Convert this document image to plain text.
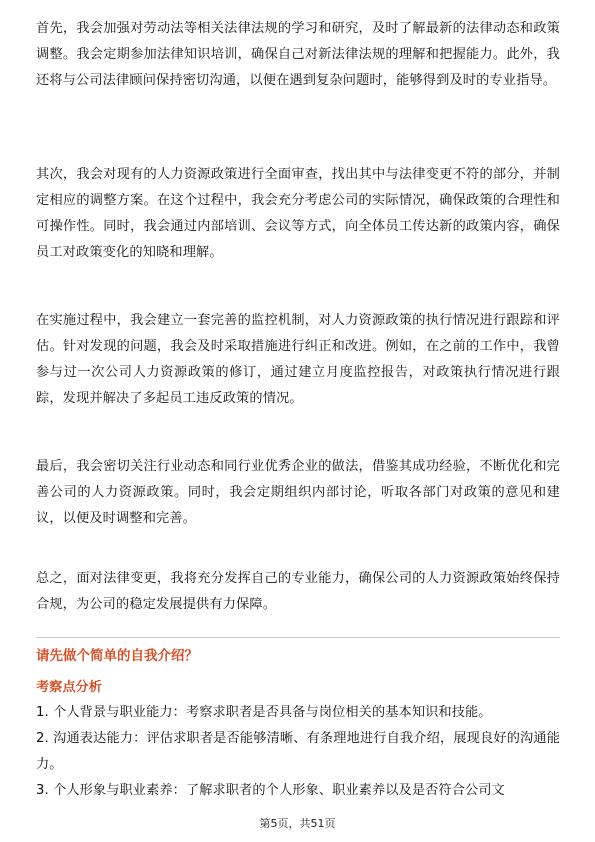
首先，我会加强对劳动法等相关法律法规的学习和研究，及时了解最新的法律动态和政策调整。我会定期参加法律知识培训，确保自己对新法律法规的理解和把握能力。此外，我还将与公司法律顾问保持密切沟通，以便在遇到复杂问题时，能够得到及时的专业指导。

其次，我会对现有的人力资源政策进行全面审查，找出其中与法律变更不符的部分，并制定相应的调整方案。在这个过程中，我会充分考虑公司的实际情况，确保政策的合理性和可操作性。同时，我会通过内部培训、会议等方式，向全体员工传达新的政策内容，确保员工对政策变化的知晓和理解。

在实施过程中，我会建立一套完善的监控机制，对人力资源政策的执行情况进行跟踪和评估。针对发现的问题，我会及时采取措施进行纠正和改进。例如，在之前的工作中，我曾参与过一次公司人力资源政策的修订，通过建立月度监控报告，对政策执行情况进行跟踪，发现并解决了多起员工违反政策的情况。

最后，我会密切关注行业动态和同行业优秀企业的做法，借鉴其成功经验，不断优化和完善公司的人力资源政策。同时，我会定期组织内部讨论，听取各部门对政策的意见和建议，以便及时调整和完善。

总之，面对法律变更，我将充分发挥自己的专业能力，确保公司的人力资源政策始终保持合规，为公司的稳定发展提供有力保障。

请先做个简单的自我介绍？

考察点分析

1. 个人背景与职业能力：考察求职者是否具备与岗位相关的基本知识和技能。
2. 沟通表达能力：评估求职者是否能够清晰、有条理地进行自我介绍，展现良好的沟通能力。
3. 个人形象与职业素养：了解求职者的个人形象、职业素养以及是否符合公司文
第5页，共51页
